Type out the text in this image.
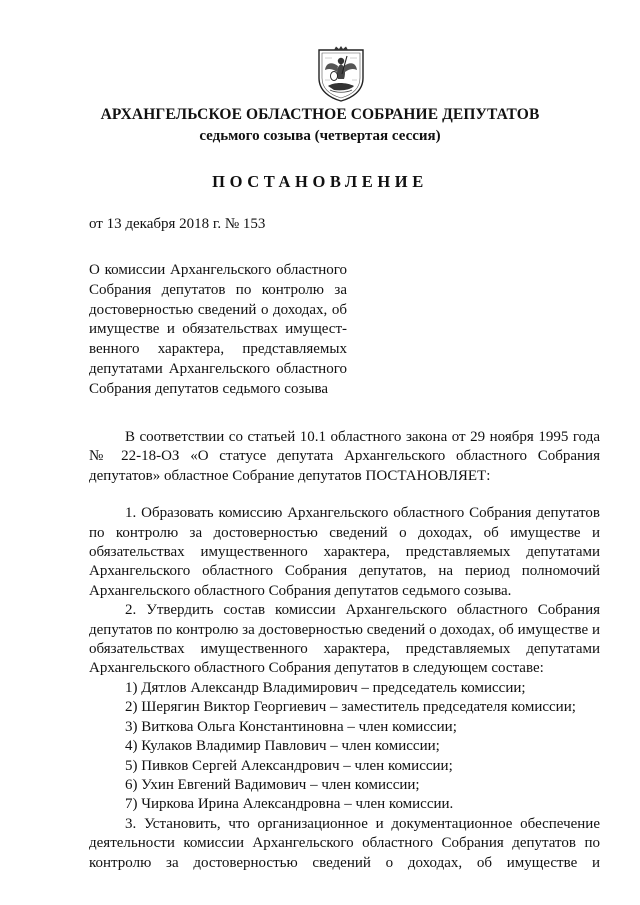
АРХАНГЕЛЬСКОЕ ОБЛАСТНОЕ СОБРАНИЕ ДЕПУТАТОВ

седьмого созыва (четвертая сессия)

ПОСТАНОВЛЕНИЕ

от 13 декабря 2018 г. № 153

О комиссии Архангельского областного
Собрания депутатов по контролю за
достоверностью сведений о доходах, об
имуществе и обязательствах имущест-
венного характера, представляемых
депутатами Архангельского областного
Собрания депутатов седьмого созыва
В соответствии со статьей 10.1 областного закона от 29 ноября 1995 года
№ 22-18-ОЗ «О статусе депутата Архангельского областного Собрания
депутатов» областное Собрание депутатов ПОСТАНОВЛЯЕТ:
1. Образовать комиссию Архангельского областного Собрания депутатов
по контролю за достоверностью сведений о доходах, об имуществе и
обязательствах имущественного характера, представляемых депутатами
Архангельского областного Собрания депутатов, на период полномочий
Архангельского областного Собрания депутатов седьмого созыва.
2. Утвердить состав комиссии Архангельского областного Собрания
депутатов по контролю за достоверностью сведений о доходах, об имуществе и
обязательствах имущественного характера, представляемых депутатами
Архангельского областного Собрания депутатов в следующем составе:
1) Дятлов Александр Владимирович – председатель комиссии;
2) Шерягин Виктор Георгиевич – заместитель председателя комиссии;
3) Виткова Ольга Константиновна – член комиссии;
4) Кулаков Владимир Павлович – член комиссии;
5) Пивков Сергей Александрович – член комиссии;
6) Ухин Евгений Вадимович – член комиссии;
7) Чиркова Ирина Александровна – член комиссии.
3. Установить, что организационное и документационное обеспечение
деятельности комиссии Архангельского областного Собрания депутатов по
контролю за достоверностью сведений о доходах, об имуществе и
